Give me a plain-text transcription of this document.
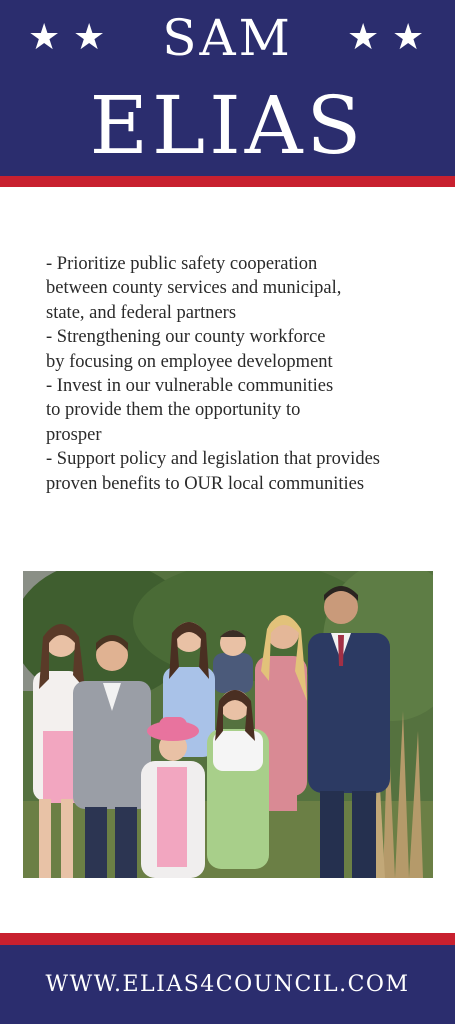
★ ★	SAM	★ ★
ELIAS
- Prioritize public safety cooperation
between county services and municipal,
state, and federal partners
- Strengthening our county workforce
by focusing on employee development
- Invest in our vulnerable communities
to provide them the opportunity to
prosper
- Support policy and legislation that provides
proven benefits to OUR local communities
WWW.ELIAS4COUNCIL.COM
